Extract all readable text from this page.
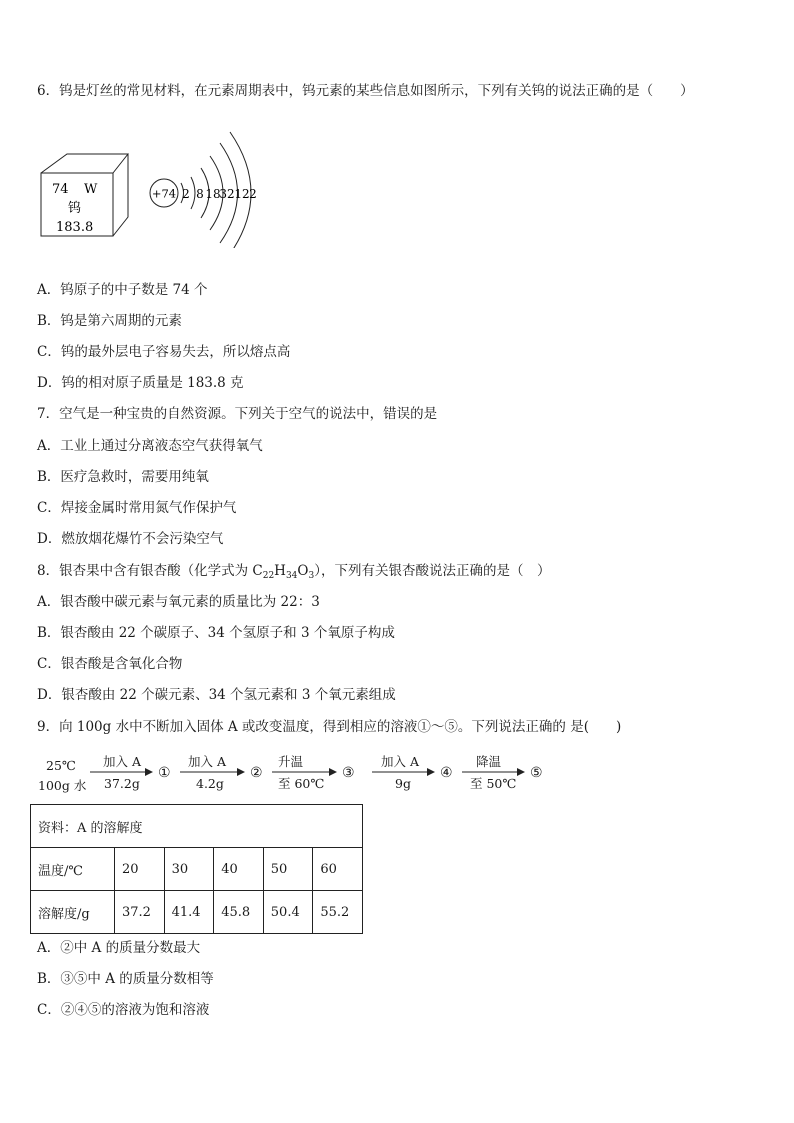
6．钨是灯丝的常见材料，在元素周期表中，钨元素的某些信息如图所示，下列有关钨的说法正确的是（　　）
74 W
钨
183.8
+74 2 8 18
32 12 2
A．钨原子的中子数是 74 个
B．钨是第六周期的元素
C．钨的最外层电子容易失去，所以熔点高
D．钨的相对原子质量是 183.8 克
7．空气是一种宝贵的自然资源。下列关于空气的说法中，错误的是
A．工业上通过分离液态空气获得氧气
B．医疗急救时，需要用纯氧
C．焊接金属时常用氮气作保护气
D．燃放烟花爆竹不会污染空气
8．银杏果中含有银杏酸（化学式为 $C_{22}H_{34}O_3$），下列有关银杏酸说法正确的是（　）
A．银杏酸中碳元素与氧元素的质量比为 22：3
B．银杏酸由 22 个碳原子、34 个氢原子和 3 个氧原子构成
C．银杏酸是含氧化合物
D．银杏酸由 22 个碳元素、34 个氢元素和 3 个氧元素组成
9．向 100g 水中不断加入固体 A 或改变温度，得到相应的溶液①～⑤。下列说法正确的 是(　　)
25℃
100g 水
加入 A
37.2g
①
加入 A
4.2g
②
升温
至 60℃
③
加入 A
9g
④
降温
至 50℃
⑤
资料：A 的溶解度					
温度/℃	20	30	40	50	60
溶解度/g	37.2	41.4	45.8	50.4	55.2
A．②中 A 的质量分数最大
B．③⑤中 A 的质量分数相等
C．②④⑤的溶液为饱和溶液
